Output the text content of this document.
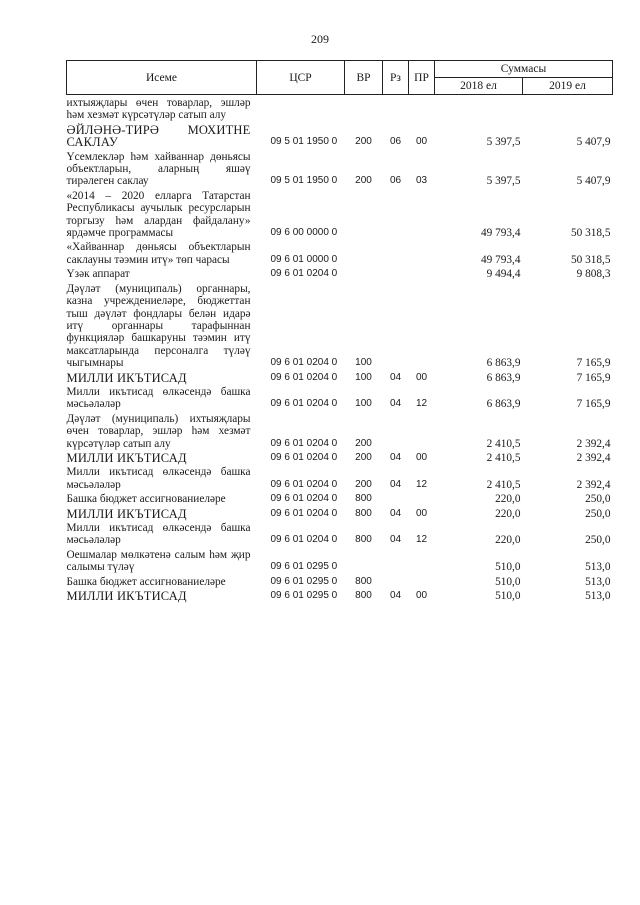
209
Исеме	ЦСР	ВР	Рз	ПР	Суммасы	
					2018 ел	2019 ел
ихтыяҗлары өчен товарлар, эшләр һәм хезмәт күрсәтүләр сатып алу						
ӘЙЛӘНӘ-ТИРӘ МОХИТНЕ САКЛАУ	09 5 01 1950 0	200	06	00	5 397,5	5 407,9
Үсемлекләр һәм хайваннар дөньясы объектларын, аларның яшәү тирәлеген саклау	09 5 01 1950 0	200	06	03	5 397,5	5 407,9
«2014 – 2020 елларга Татарстан Республикасы аучылык ресурсларын торгызу һәм алардан файдалану» ярдәмче программасы	09 6 00 0000 0				49 793,4	50 318,5
«Хайваннар дөньясы объектларын саклауны тәэмин итү» төп чарасы	09 6 01 0000 0				49 793,4	50 318,5
Үзәк аппарат	09 6 01 0204 0				9 494,4	9 808,3
Дәүләт (муниципаль) органнары, казна учреждениеләре, бюджеттан тыш дәүләт фондлары белән идарә итү органнары тарафыннан функцияләр башкаруны тәэмин итү максатларында персоналга түләү чыгымнары	09 6 01 0204 0	100			6 863,9	7 165,9
МИЛЛИ ИКЪТИСАД	09 6 01 0204 0	100	04	00	6 863,9	7 165,9
Милли икътисад өлкәсендә башка мәсьәләләр	09 6 01 0204 0	100	04	12	6 863,9	7 165,9
Дәүләт (муниципаль) ихтыяҗлары өчен товарлар, эшләр һәм хезмәт күрсәтүләр сатып алу	09 6 01 0204 0	200			2 410,5	2 392,4
МИЛЛИ ИКЪТИСАД	09 6 01 0204 0	200	04	00	2 410,5	2 392,4
Милли икътисад өлкәсендә башка мәсьәләләр	09 6 01 0204 0	200	04	12	2 410,5	2 392,4
Башка бюджет ассигнованиеләре	09 6 01 0204 0	800			220,0	250,0
МИЛЛИ ИКЪТИСАД	09 6 01 0204 0	800	04	00	220,0	250,0
Милли икътисад өлкәсендә башка мәсьәләләр	09 6 01 0204 0	800	04	12	220,0	250,0
Оешмалар мөлкәтенә салым һәм җир салымы түләү	09 6 01 0295 0				510,0	513,0
Башка бюджет ассигнованиеләре	09 6 01 0295 0	800			510,0	513,0
МИЛЛИ ИКЪТИСАД	09 6 01 0295 0	800	04	00	510,0	513,0
